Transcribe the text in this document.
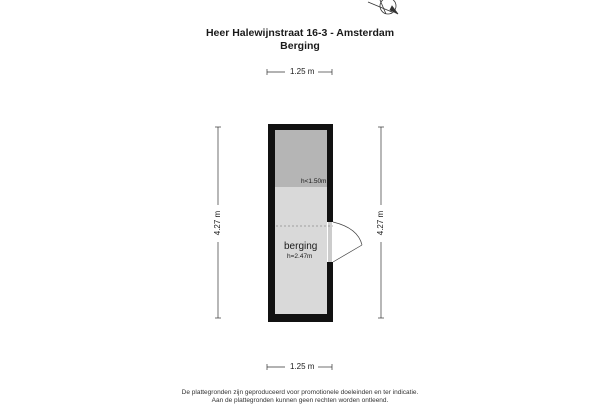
Heer Halewijnstraat 16-3 - Amsterdam
Berging
1.25 m
1.25 m
4.27 m	4.27 m
h<1.50m
berging
h=2.47m
De plattegronden zijn geproduceerd voor promotionele doeleinden en ter indicatie.
Aan de plattegronden kunnen geen rechten worden ontleend.
